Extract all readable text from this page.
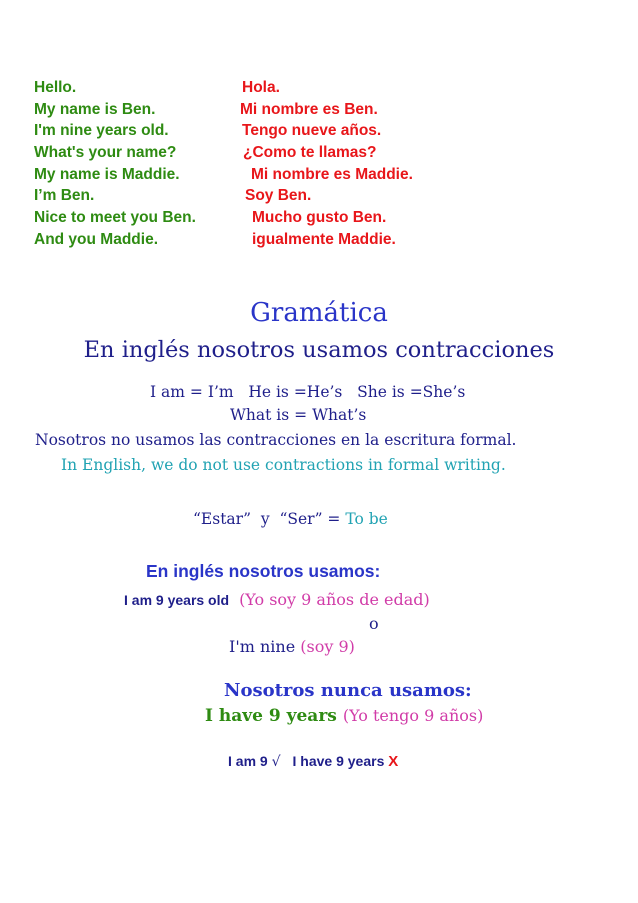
Hello.	Hola.
My name is Ben.	Mi nombre es Ben.
I'm nine years old.	Tengo nueve años.
What's your name?	¿Como te llamas?
My name is Maddie.	Mi nombre es Maddie.
I’m Ben.	Soy Ben.
Nice to meet you Ben.	Mucho gusto Ben.
And you Maddie.	igualmente Maddie.
Gramática
En inglés nosotros usamos contracciones
I am = I’m   He is =He’s   She is =She’s
What is = What’s
Nosotros no usamos las contracciones en la escritura formal.
In English, we do not use contractions in formal writing.
“Estar”  y  “Ser” = To be
En inglés nosotros usamos:
I am 9 years old (Yo soy 9 años de edad)
o
I'm nine (soy 9)
Nosotros nunca usamos:
I have 9 years (Yo tengo 9 años)
I am 9 √ I have 9 years X
